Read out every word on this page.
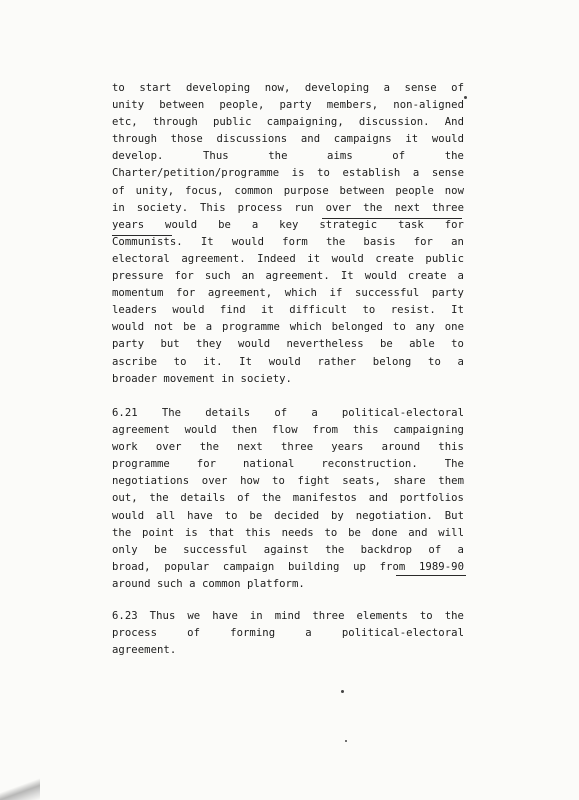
to start developing now, developing a sense of
unity between people, party members, non-aligned
etc, through public campaigning, discussion. And
through those discussions and campaigns it would
develop.    Thus    the    aims    of    the
Charter/petition/programme is to establish a sense
of unity, focus, common purpose between people now
in society. This process run over the next three
years would be a key strategic task for
Communists. It would form the basis for an
electoral agreement. Indeed it would create public
pressure for such an agreement. It would create a
momentum for agreement, which if successful party
leaders would find it difficult to resist. It
would not be a programme which belonged to any one
party but they would nevertheless be able to
ascribe to it. It would rather belong to a
broader movement in society.
6.21 The details of a political-electoral
agreement would then flow from this campaigning
work over the next three years around this
programme for national reconstruction. The
negotiations over how to fight seats, share them
out, the details of the manifestos and portfolios
would all have to be decided by negotiation. But
the point is that this needs to be done and will
only be successful against the backdrop of a
broad, popular campaign building up from 1989-90
around such a common platform.
6.23 Thus we have in mind three elements to the
process of forming a political-electoral
agreement.
